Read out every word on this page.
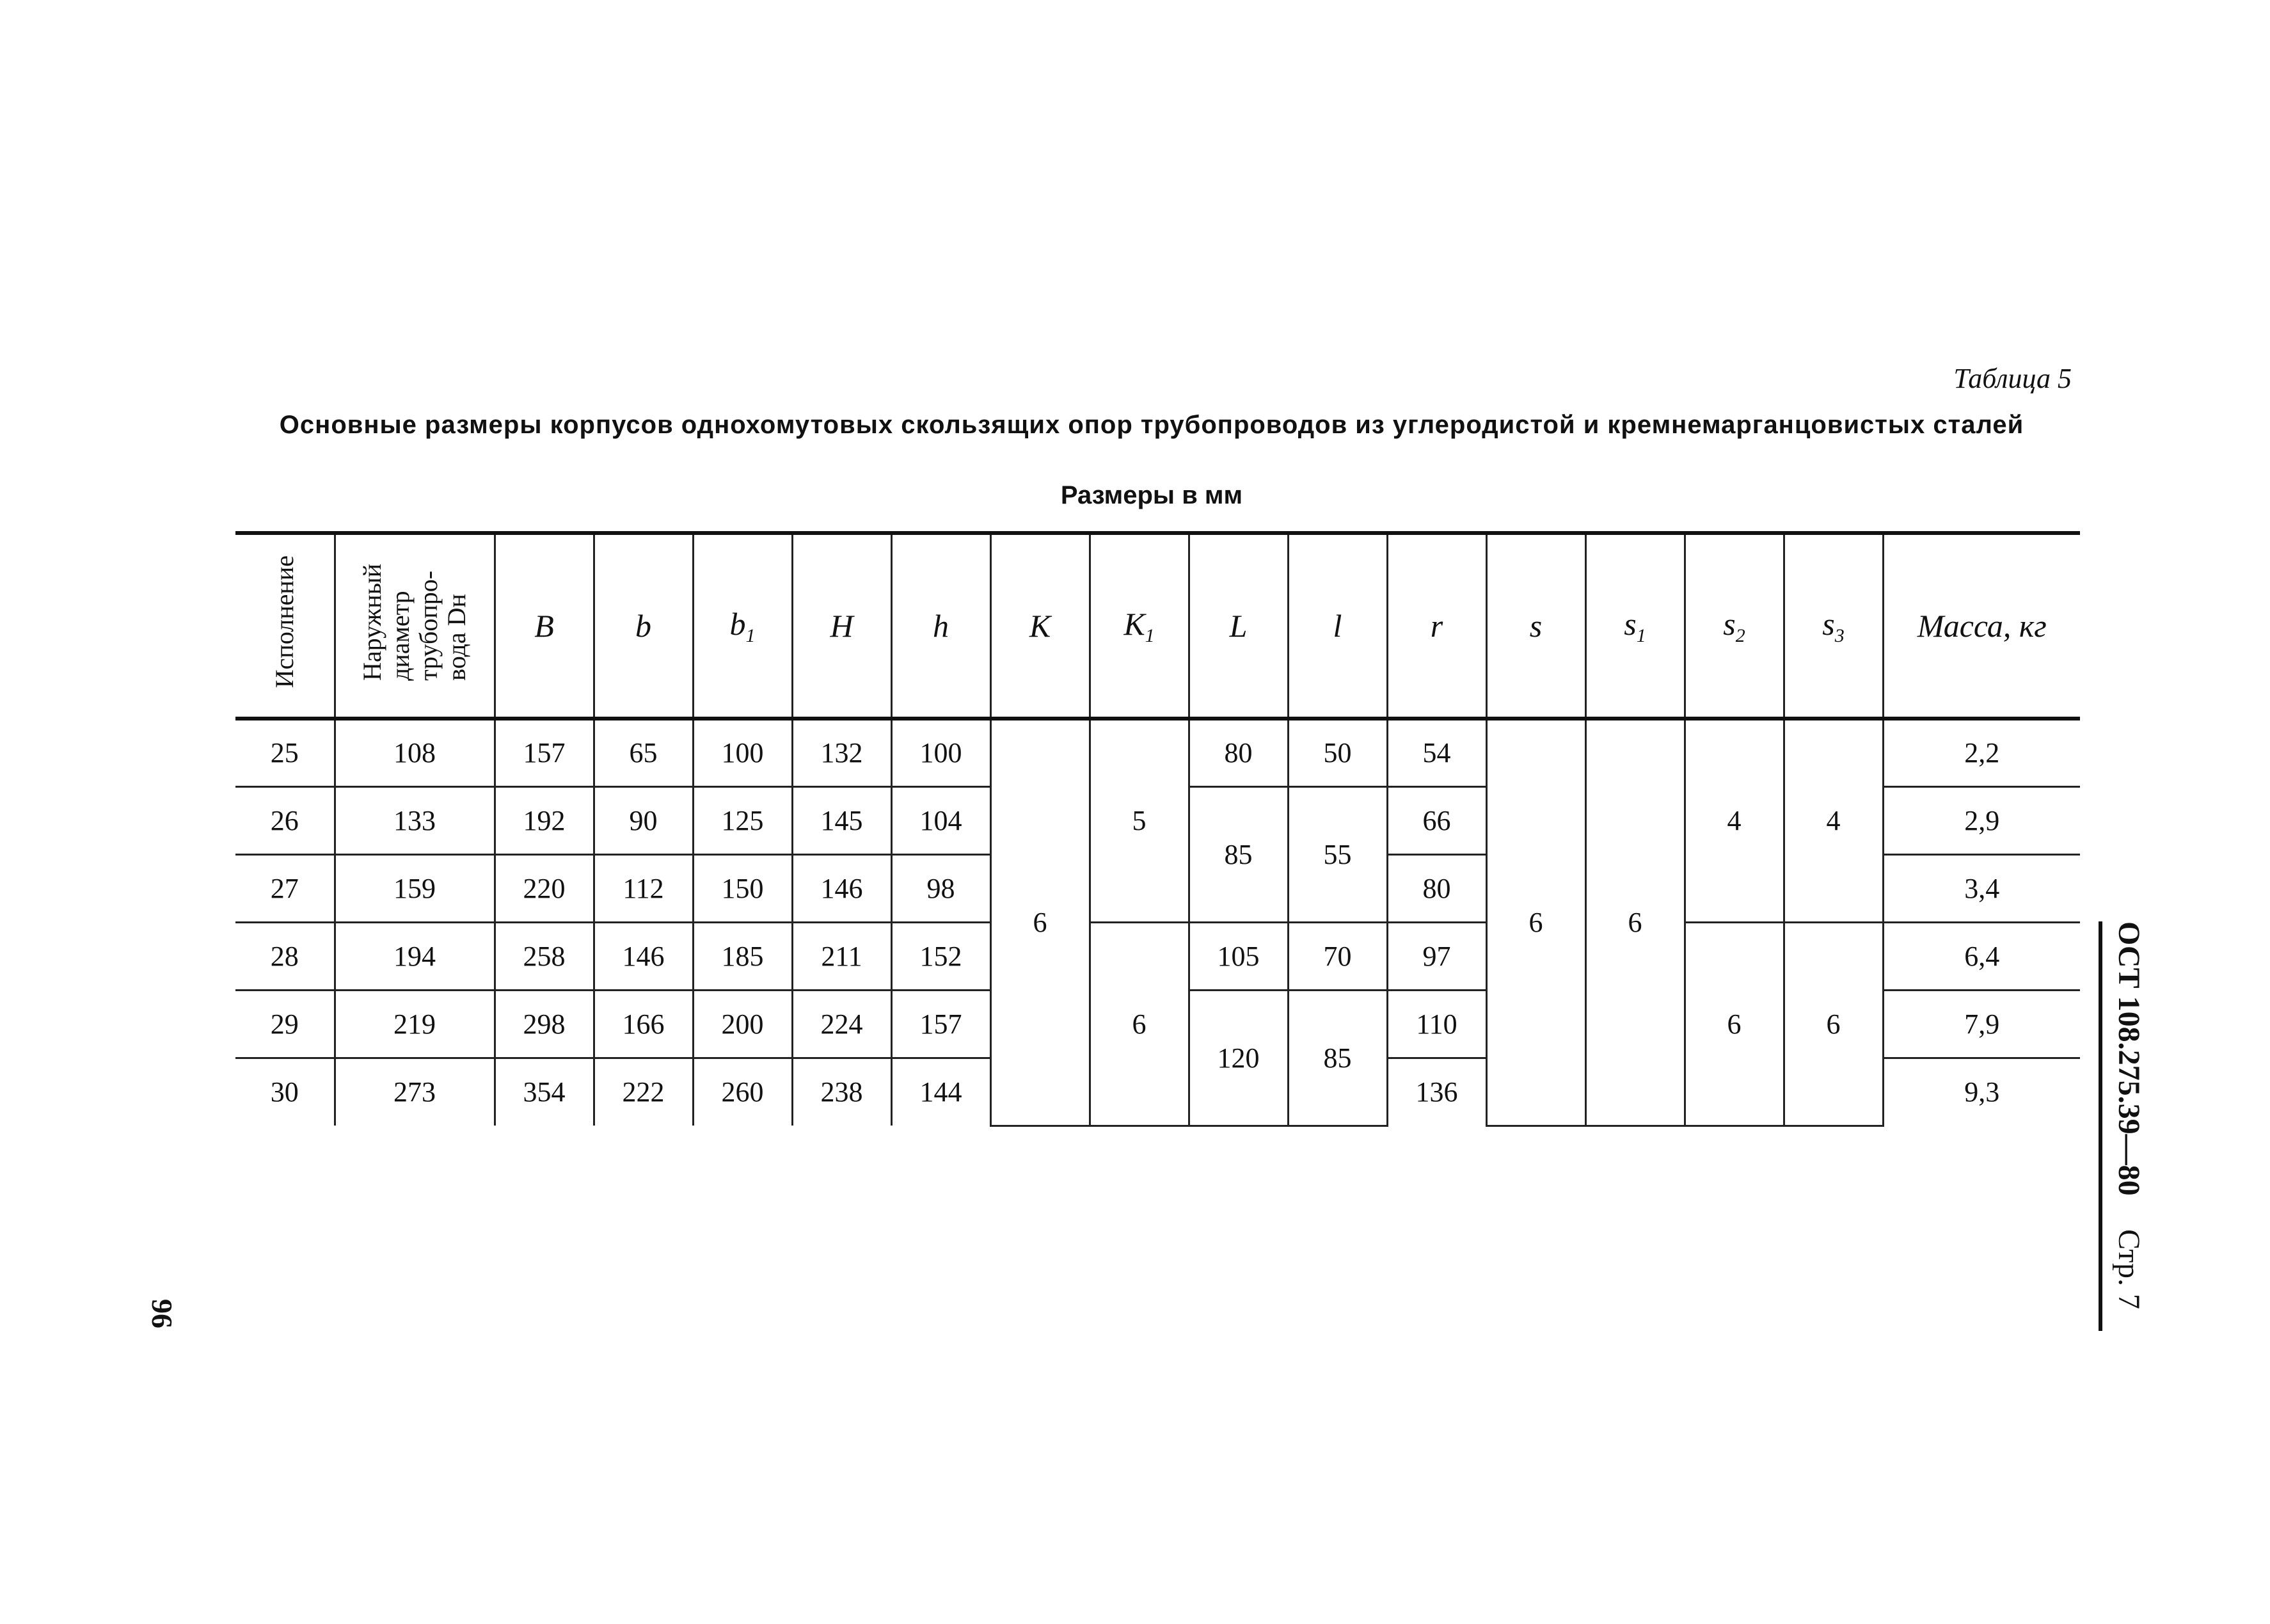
Таблица 5
Основные размеры корпусов однохомутовых скользящих опор трубопроводов из углеродистой и кремнемарганцовистых сталей
Размеры в мм
Исполнение	Наружный
диаметр
трубопро-
вода Dн	B	b	$b_1$	H	h	K	$K_1$	L	l	r	s	$s_1$	$s_2$	$s_3$	Масса, кг
25	108	157	65	100	132	100	6	5	80	50	54	6	6	4	4	2,2
26	133	192	90	125	145	104			85	55	66					2,9
27	159	220	112	150	146	98					80					3,4
28	194	258	146	185	211	152		6	105	70	97			6	6	6,4
29	219	298	166	200	224	157			120	85	110					7,9
30	273	354	222	260	238	144					136					9,3	ОСТ 108.275.39—80 Стр. 7
96
